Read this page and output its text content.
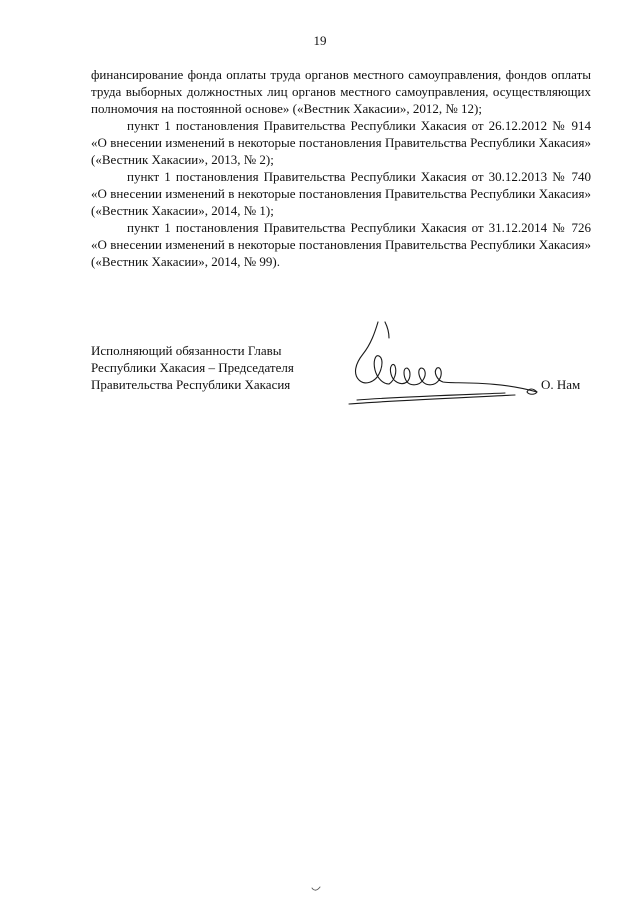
19

финансирование фонда оплаты труда органов местного самоуправления, фондов оплаты труда выборных должностных лиц органов местного самоуправления, осуществляющих полномочия на постоянной основе» («Вестник Хакасии», 2012, № 12);

пункт 1 постановления Правительства Республики Хакасия от 26.12.2012 № 914 «О внесении изменений в некоторые постановления Правительства Республики Хакасия» («Вестник Хакасии», 2013, № 2);

пункт 1 постановления Правительства Республики Хакасия от 30.12.2013 № 740 «О внесении изменений в некоторые постановления Правительства Республики Хакасия» («Вестник Хакасии», 2014, № 1);

пункт 1 постановления Правительства Республики Хакасия от 31.12.2014 № 726 «О внесении изменений в некоторые постановления Правительства Республики Хакасия» («Вестник Хакасии», 2014, № 99).

Исполняющий обязанности Главы
Республики Хакасия – Председателя
Правительства Республики Хакасия	О. Нам
